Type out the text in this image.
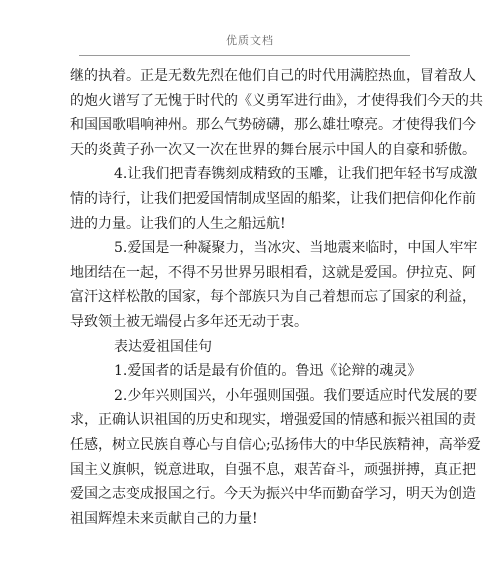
优质文档
继的执着。正是无数先烈在他们自己的时代用满腔热血，冒着敌人
的炮火谱写了无愧于时代的《义勇军进行曲》，才使得我们今天的共
和国国歌唱响神州。那么气势磅礴，那么雄壮嘹亮。才使得我们今
天的炎黄子孙一次又一次在世界的舞台展示中国人的自豪和骄傲。
4.让我们把青春镌刻成精致的玉雕，让我们把年轻书写成激
情的诗行，让我们把爱国情制成坚固的船桨，让我们把信仰化作前
进的力量。让我们的人生之船远航!
5.爱国是一种凝聚力，当冰灾、当地震来临时，中国人牢牢
地团结在一起，不得不另世界另眼相看，这就是爱国。伊拉克、阿
富汗这样松散的国家，每个部族只为自己着想而忘了国家的利益，
导致领土被无端侵占多年还无动于衷。
表达爱祖国佳句
1.爱国者的话是最有价值的。鲁迅《论辩的魂灵》
2.少年兴则国兴，小年强则国强。我们要适应时代发展的要
求，正确认识祖国的历史和现实，增强爱国的情感和振兴祖国的责
任感，树立民族自尊心与自信心;弘扬伟大的中华民族精神，高举爱
国主义旗帜，锐意进取，自强不息，艰苦奋斗，顽强拼搏，真正把
爱国之志变成报国之行。今天为振兴中华而勤奋学习，明天为创造
祖国辉煌未来贡献自己的力量!
